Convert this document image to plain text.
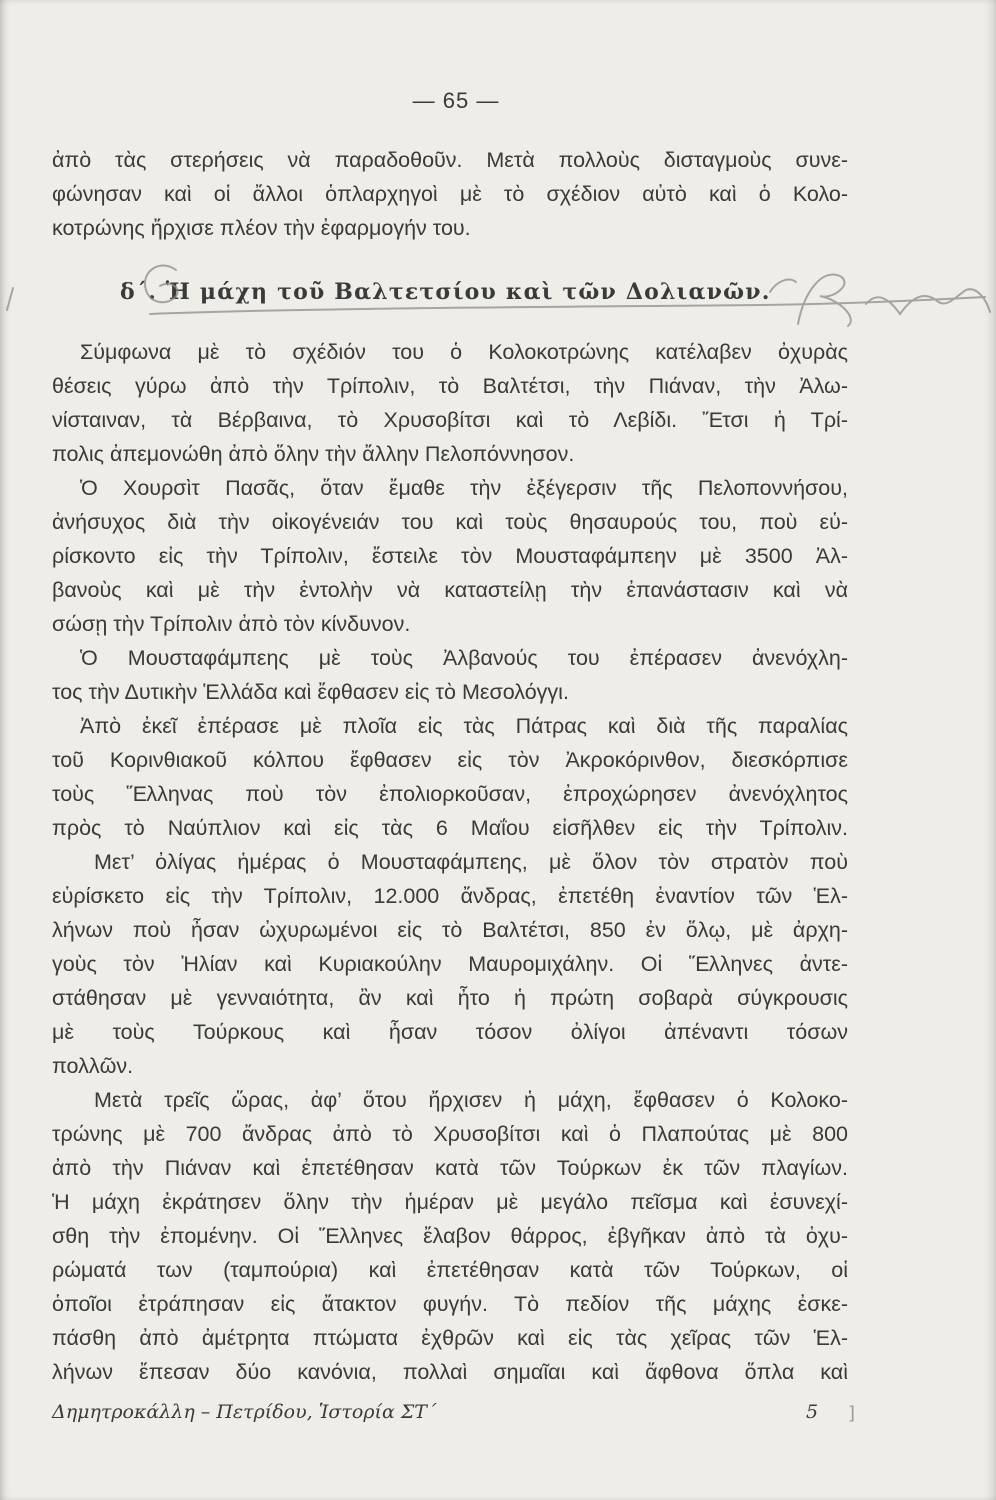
— 65 —
ἀπὸ τὰς στερήσεις νὰ παραδοθοῦν. Μετὰ πολλοὺς δισταγμοὺς συνε-
φώνησαν καὶ οἱ ἄλλοι ὁπλαρχηγοὶ μὲ τὸ σχέδιον αὐτὸ καὶ ὁ Κολο-
κοτρώνης ἤρχισε πλέον τὴν ἐφαρμογήν του.
δ΄. Ἡ μάχη τοῦ Βαλτετσίου καὶ τῶν Δολιανῶν.
Σύμφωνα μὲ τὸ σχέδιόν του ὁ Κολοκοτρώνης κατέλαβεν ὀχυρὰς
θέσεις γύρω ἀπὸ τὴν Τρίπολιν, τὸ Βαλτέτσι, τὴν Πιάναν, τὴν Ἀλω-
νίσταιναν, τὰ Βέρβαινα, τὸ Χρυσοβίτσι καὶ τὸ Λεβίδι. Ἔτσι ἡ Τρί-
πολις ἀπεμονώθη ἀπὸ ὅλην τὴν ἄλλην Πελοπόννησον.
Ὁ Χουρσὶτ Πασᾶς, ὅταν ἔμαθε τὴν ἐξέγερσιν τῆς Πελοποννήσου,
ἀνήσυχος διὰ τὴν οἰκογένειάν του καὶ τοὺς θησαυρούς του, ποὺ εὑ-
ρίσκοντο εἰς τὴν Τρίπολιν, ἔστειλε τὸν Μουσταφάμπεην μὲ 3500 Ἀλ-
βανοὺς καὶ μὲ τὴν ἐντολὴν νὰ καταστείλῃ τὴν ἐπανάστασιν καὶ νὰ
σώσῃ τὴν Τρίπολιν ἀπὸ τὸν κίνδυνον.
Ὁ Μουσταφάμπεης μὲ τοὺς Ἀλβανούς του ἐπέρασεν ἀνενόχλη-
τος τὴν Δυτικὴν Ἑλλάδα καὶ ἔφθασεν εἰς τὸ Μεσολόγγι.
Ἀπὸ ἐκεῖ ἐπέρασε μὲ πλοῖα εἰς τὰς Πάτρας καὶ διὰ τῆς παραλίας
τοῦ Κορινθιακοῦ κόλπου ἔφθασεν εἰς τὸν Ἀκροκόρινθον, διεσκόρπισε
τοὺς Ἕλληνας ποὺ τὸν ἐπολιορκοῦσαν, ἐπροχώρησεν ἀνενόχλητος
πρὸς τὸ Ναύπλιον καὶ εἰς τὰς 6 Μαΐου εἰσῆλθεν εἰς τὴν Τρίπολιν.
Μετ’ ὀλίγας ἡμέρας ὁ Μουσταφάμπεης, μὲ ὅλον τὸν στρατὸν ποὺ
εὑρίσκετο εἰς τὴν Τρίπολιν, 12.000 ἄνδρας, ἐπετέθη ἐναντίον τῶν Ἑλ-
λήνων ποὺ ἦσαν ὠχυρωμένοι εἰς τὸ Βαλτέτσι, 850 ἐν ὅλῳ, μὲ ἀρχη-
γοὺς τὸν Ἠλίαν καὶ Κυριακούλην Μαυρομιχάλην. Οἱ Ἕλληνες ἀντε-
στάθησαν μὲ γενναιότητα, ἂν καὶ ἦτο ἡ πρώτη σοβαρὰ σύγκρουσις
μὲ τοὺς Τούρκους καὶ ἦσαν τόσον ὀλίγοι ἀπέναντι τόσων
πολλῶν.
Μετὰ τρεῖς ὥρας, ἀφ’ ὅτου ἤρχισεν ἡ μάχη, ἔφθασεν ὁ Κολοκο-
τρώνης μὲ 700 ἄνδρας ἀπὸ τὸ Χρυσοβίτσι καὶ ὁ Πλαπούτας μὲ 800
ἀπὸ τὴν Πιάναν καὶ ἐπετέθησαν κατὰ τῶν Τούρκων ἐκ τῶν πλαγίων.
Ἡ μάχη ἐκράτησεν ὅλην τὴν ἡμέραν μὲ μεγάλο πεῖσμα καὶ ἐσυνεχί-
σθη τὴν ἐπομένην. Οἱ Ἕλληνες ἔλαβον θάρρος, ἐβγῆκαν ἀπὸ τὰ ὀχυ-
ρώματά των (ταμπούρια) καὶ ἐπετέθησαν κατὰ τῶν Τούρκων, οἱ
ὁποῖοι ἐτράπησαν εἰς ἄτακτον φυγήν. Τὸ πεδίον τῆς μάχης ἐσκε-
πάσθη ἀπὸ ἀμέτρητα πτώματα ἐχθρῶν καὶ εἰς τὰς χεῖρας τῶν Ἑλ-
λήνων ἔπεσαν δύο κανόνια, πολλαὶ σημαῖαι καὶ ἄφθονα ὅπλα καὶ
Δημητροκάλλη – Πετρίδου, Ἱστορία ΣΤ΄	5 ]
